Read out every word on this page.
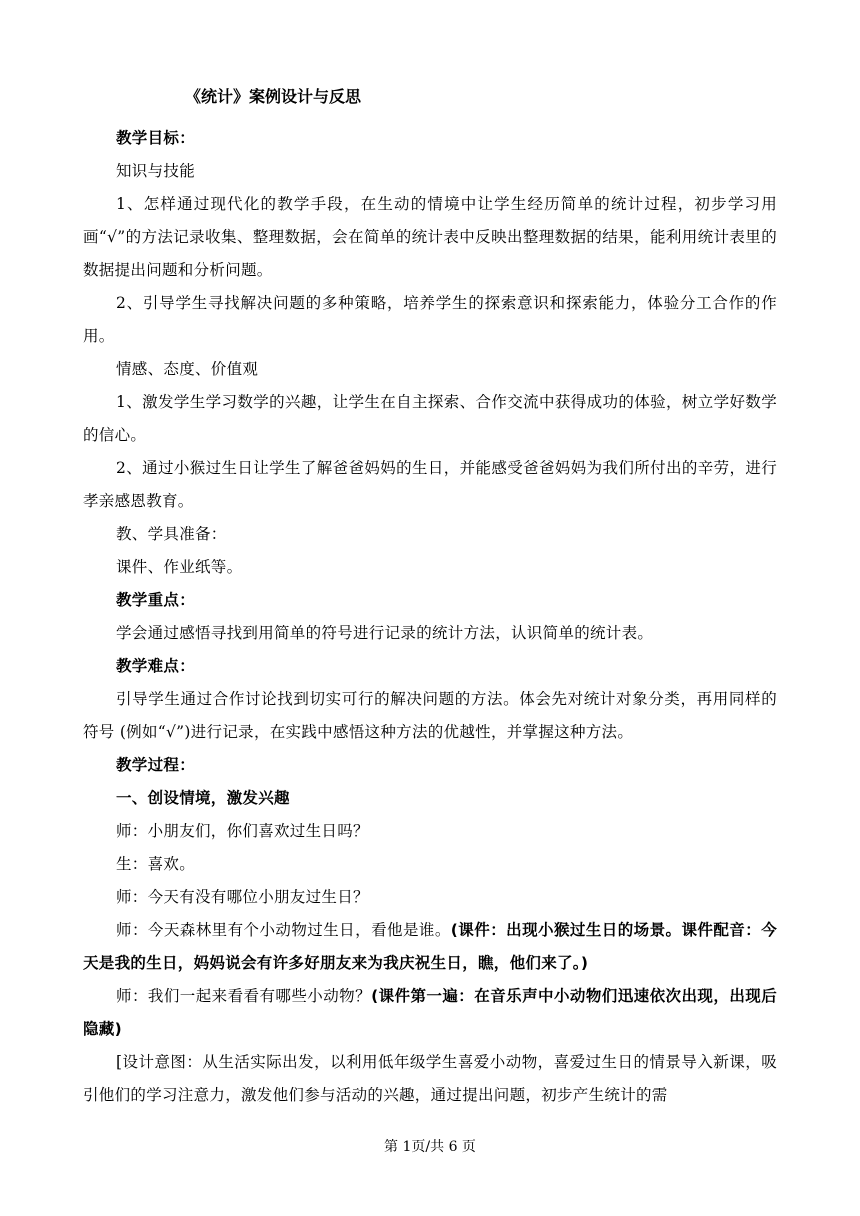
《统计》案例设计与反思

教学目标：

知识与技能

1、怎样通过现代化的教学手段，在生动的情境中让学生经历简单的统计过程，初步学习用画“√”的方法记录收集、整理数据，会在简单的统计表中反映出整理数据的结果，能利用统计表里的数据提出问题和分析问题。

2、引导学生寻找解决问题的多种策略，培养学生的探索意识和探索能力，体验分工合作的作用。

情感、态度、价值观

1、激发学生学习数学的兴趣，让学生在自主探索、合作交流中获得成功的体验，树立学好数学的信心。

2、通过小猴过生日让学生了解爸爸妈妈的生日，并能感受爸爸妈妈为我们所付出的辛劳，进行孝亲感恩教育。

教、学具准备：

课件、作业纸等。

教学重点：

学会通过感悟寻找到用简单的符号进行记录的统计方法，认识简单的统计表。

教学难点：

引导学生通过合作讨论找到切实可行的解决问题的方法。体会先对统计对象分类，再用同样的符号 (例如“√”)进行记录，在实践中感悟这种方法的优越性，并掌握这种方法。

教学过程：

一、创设情境，激发兴趣

师：小朋友们，你们喜欢过生日吗？

生：喜欢。

师：今天有没有哪位小朋友过生日？

师：今天森林里有个小动物过生日，看他是谁。(课件：出现小猴过生日的场景。课件配音：今天是我的生日，妈妈说会有许多好朋友来为我庆祝生日，瞧，他们来了。)

师：我们一起来看看有哪些小动物？(课件第一遍：在音乐声中小动物们迅速依次出现，出现后隐藏)

[设计意图：从生活实际出发，以利用低年级学生喜爱小动物，喜爱过生日的情景导入新课，吸引他们的学习注意力，激发他们参与活动的兴趣，通过提出问题，初步产生统计的需

第 1页/共 6 页
